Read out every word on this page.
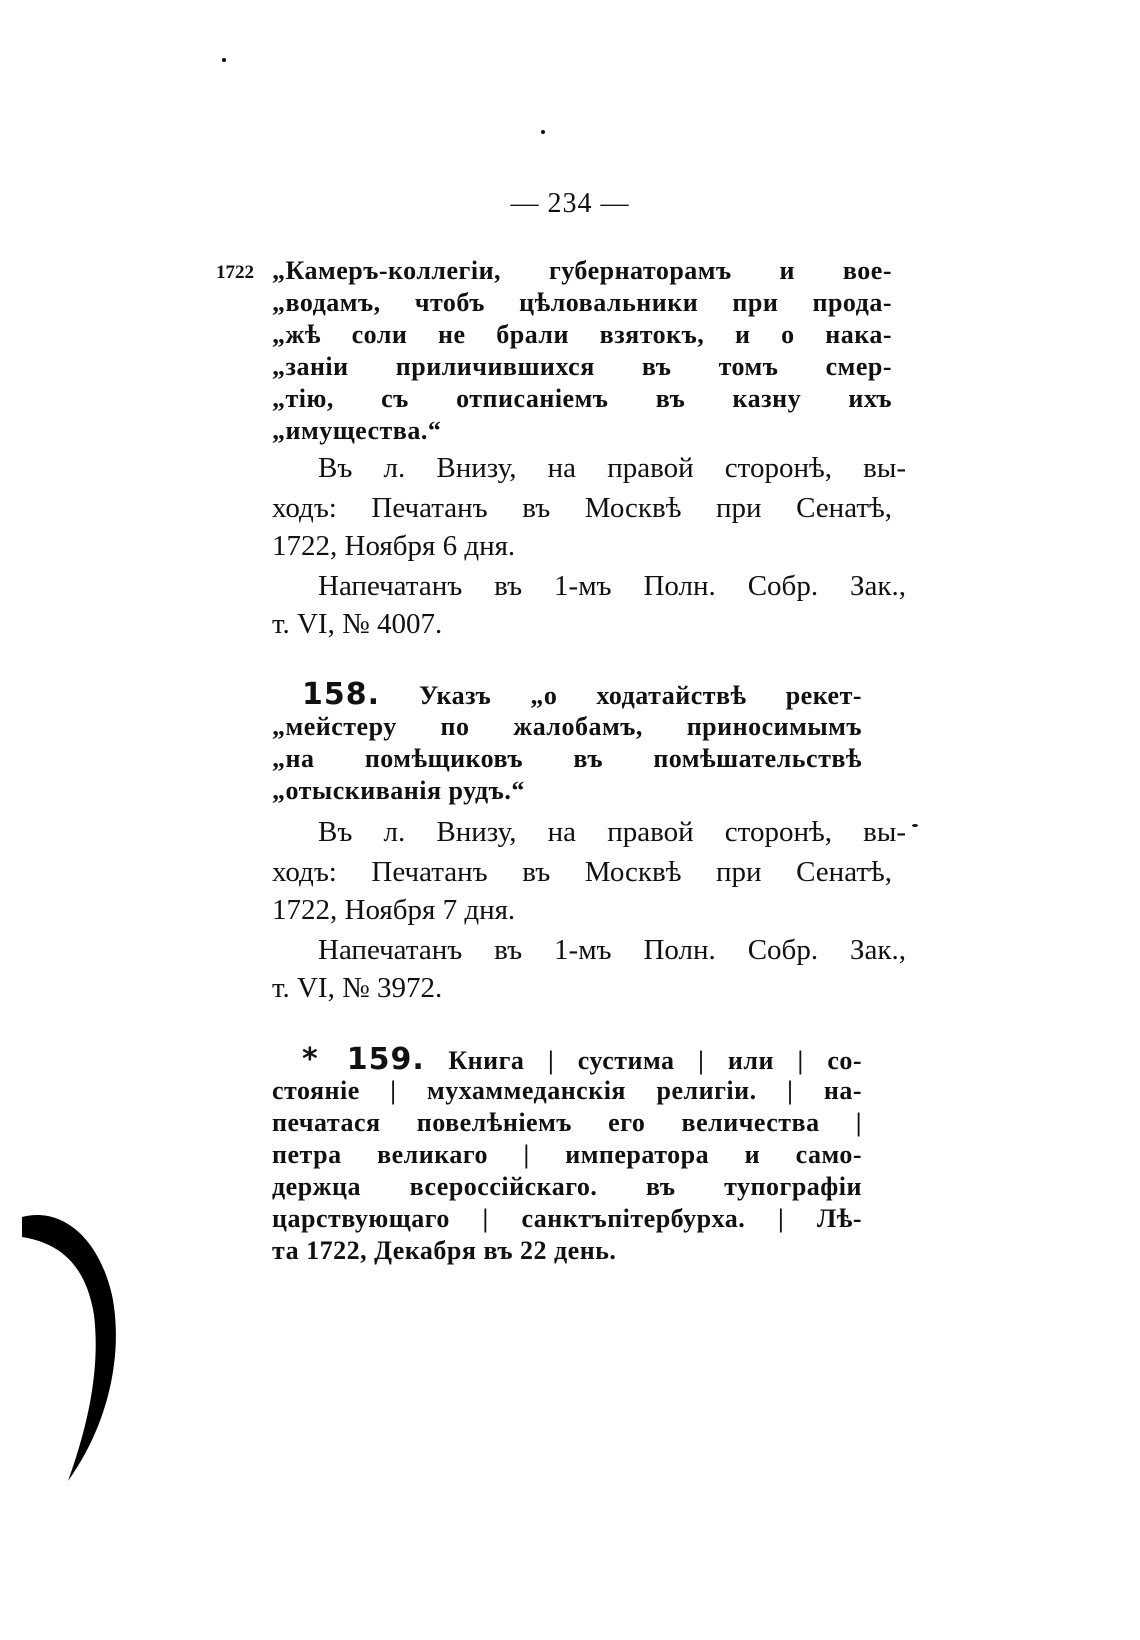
— 234 —
1722 „Камеръ-коллегіи, губернаторамъ и вое-
„водамъ, чтобъ цѣловальники при прода-
„жѣ соли не брали взятокъ, и о нака-
„заніи приличившихся въ томъ смер-
„тію, съ отписаніемъ въ казну ихъ
„имущества.“
Въ л. Внизу, на правой сторонѣ, вы-
ходъ: Печатанъ въ Москвѣ при Сенатѣ,
1722, Ноября 6 дня.
Напечатанъ въ 1-мъ Полн. Собр. Зак.,
т. VI, № 4007.
158. Указъ „о ходатайствѣ рекет-
„мейстеру по жалобамъ, приносимымъ
„на помѣщиковъ въ помѣшательствѣ
„отыскиванія рудъ.“
Въ л. Внизу, на правой сторонѣ, вы-
ходъ: Печатанъ въ Москвѣ при Сенатѣ,
1722, Ноября 7 дня.
Напечатанъ въ 1-мъ Полн. Собр. Зак.,
т. VI, № 3972.
* 159. Книга | сустима | или | со-
стояніе | мухаммеданскія религіи. | на-
печатася повелѣніемъ его величества |
петра великаго | императора и само-
держца всероссійскаго. въ тупографіи
царствующаго | санктъпітербурха. | Лѣ-
та 1722, Декабря въ 22 день.
